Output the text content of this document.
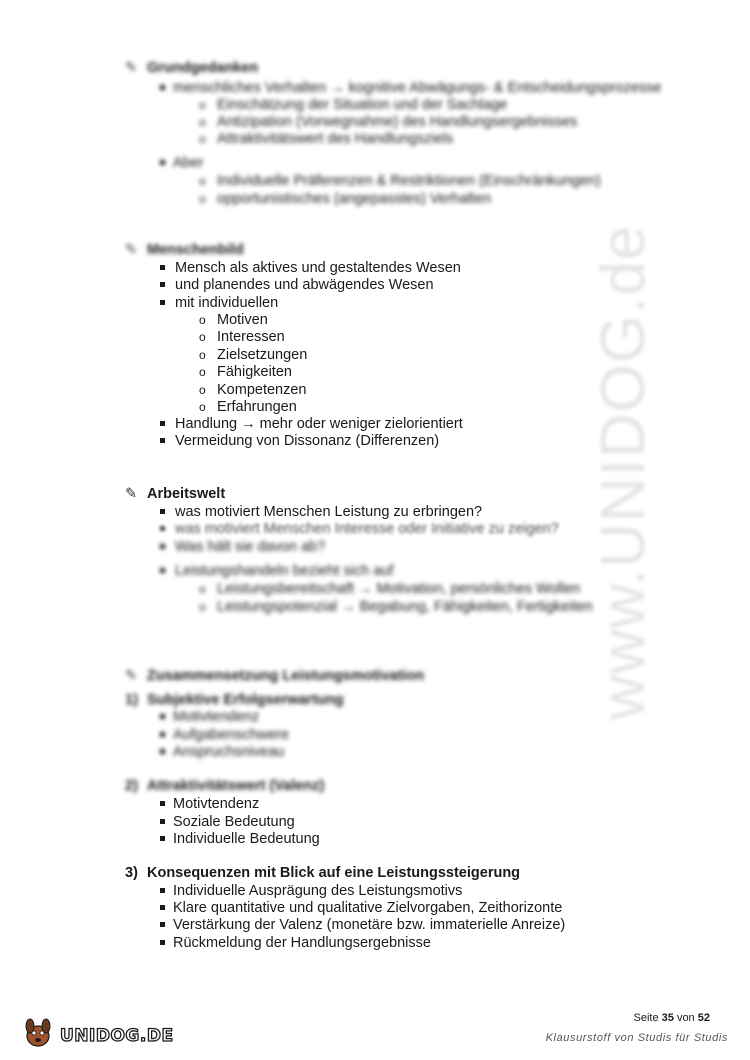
www.UNIDOG.de
✎ Grundgedanken
menschliches Verhalten → kognitive Abwägungs- & Entscheidungsprozesse
o Einschätzung der Situation und der Sachlage
o Antizipation (Vorwegnahme) des Handlungsergebnisses
o Attraktivitätswert des Handlungsziels
Aber
o Individuelle Präferenzen & Restriktionen (Einschränkungen)
o opportunistisches (angepasstes) Verhalten
✎ Menschenbild
Mensch als aktives und gestaltendes Wesen
und planendes und abwägendes Wesen
mit individuellen
o Motiven
o Interessen
o Zielsetzungen
o Fähigkeiten
o Kompetenzen
o Erfahrungen
Handlung → mehr oder weniger zielorientiert
Vermeidung von Dissonanz (Differenzen)
✎ Arbeitswelt
was motiviert Menschen Leistung zu erbringen?
was motiviert Menschen Interesse oder Initiative zu zeigen?
Was hält sie davon ab?
Leistungshandeln bezieht sich auf
o Leistungsbereitschaft → Motivation, persönliches Wollen
o Leistungspotenzial → Begabung, Fähigkeiten, Fertigkeiten
✎ Zusammensetzung Leistungsmotivation
1) Subjektive Erfolgserwartung
Motivtendenz
Aufgabenschwere
Anspruchsniveau
2) Attraktivitätswert (Valenz)
Motivtendenz
Soziale Bedeutung
Individuelle Bedeutung
3) Konsequenzen mit Blick auf eine Leistungssteigerung
Individuelle Ausprägung des Leistungsmotivs
Klare quantitative und qualitative Zielvorgaben, Zeithorizonte
Verstärkung der Valenz (monetäre bzw. immaterielle Anreize)
Rückmeldung der Handlungsergebnisse
UNIDOG.DE
Seite 35 von 52
Klausurstoff von Studis für Studis
